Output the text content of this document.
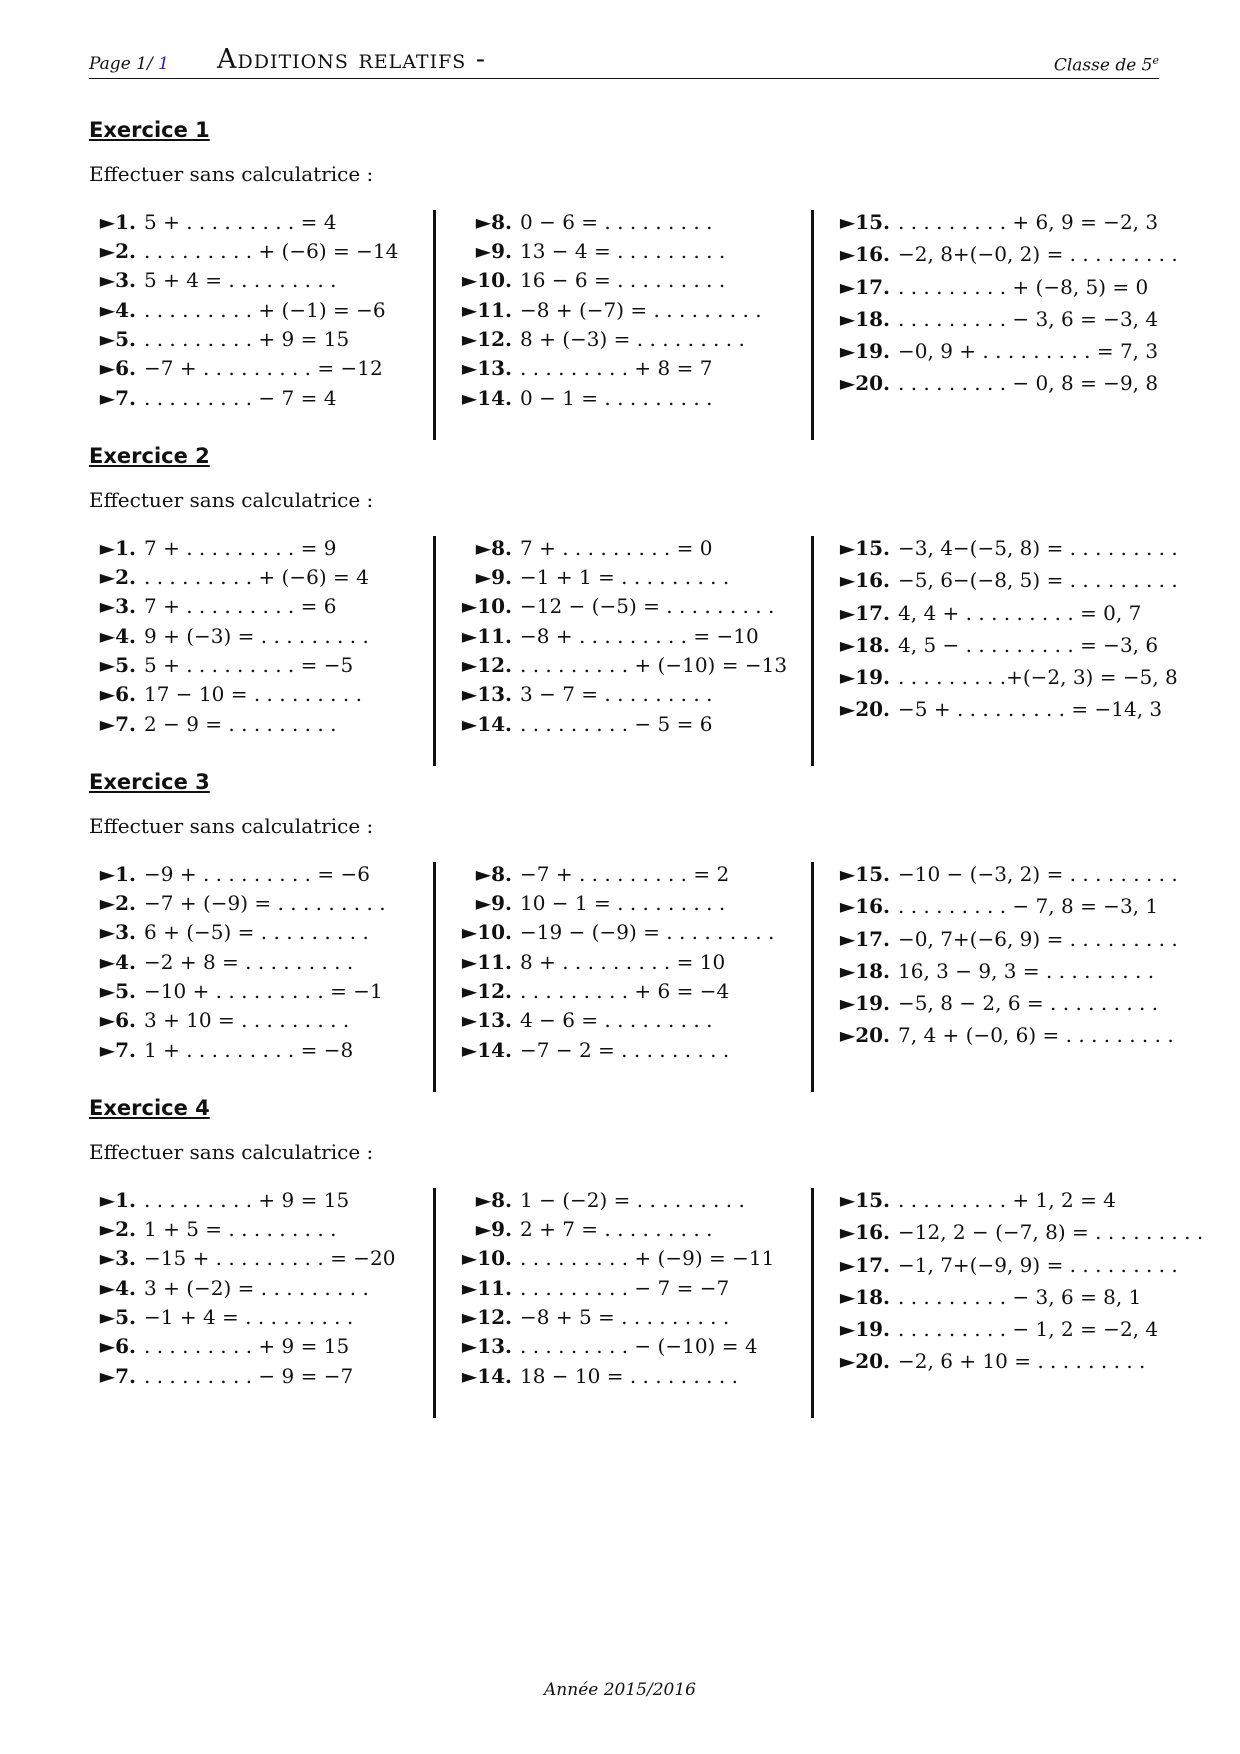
Page 1/ 1 Additions relatifs -	Classe de 5e
Exercice 1
Effectuer sans calculatrice :
►1. 5 + . . . . . . . . . = 4
►2. . . . . . . . . . + (−6) = −14
►3. 5 + 4 = . . . . . . . . .
►4. . . . . . . . . . + (−1) = −6
►5. . . . . . . . . . + 9 = 15
►6. −7 + . . . . . . . . . = −12
►7. . . . . . . . . . − 7 = 4
►8. 0 − 6 = . . . . . . . . .
►9. 13 − 4 = . . . . . . . . .
►10. 16 − 6 = . . . . . . . . .
►11. −8 + (−7) = . . . . . . . . .
►12. 8 + (−3) = . . . . . . . . .
►13. . . . . . . . . . + 8 = 7
►14. 0 − 1 = . . . . . . . . .
►15. . . . . . . . . . + 6, 9 = −2, 3
►16. −2, 8+(−0, 2) = . . . . . . . . .
►17. . . . . . . . . . + (−8, 5) = 0
►18. . . . . . . . . . − 3, 6 = −3, 4
►19. −0, 9 + . . . . . . . . . = 7, 3
►20. . . . . . . . . . − 0, 8 = −9, 8
Exercice 2
Effectuer sans calculatrice :
►1. 7 + . . . . . . . . . = 9
►2. . . . . . . . . . + (−6) = 4
►3. 7 + . . . . . . . . . = 6
►4. 9 + (−3) = . . . . . . . . .
►5. 5 + . . . . . . . . . = −5
►6. 17 − 10 = . . . . . . . . .
►7. 2 − 9 = . . . . . . . . .
►8. 7 + . . . . . . . . . = 0
►9. −1 + 1 = . . . . . . . . .
►10. −12 − (−5) = . . . . . . . . .
►11. −8 + . . . . . . . . . = −10
►12. . . . . . . . . . + (−10) = −13
►13. 3 − 7 = . . . . . . . . .
►14. . . . . . . . . . − 5 = 6
►15. −3, 4−(−5, 8) = . . . . . . . . .
►16. −5, 6−(−8, 5) = . . . . . . . . .
►17. 4, 4 + . . . . . . . . . = 0, 7
►18. 4, 5 − . . . . . . . . . = −3, 6
►19. . . . . . . . . .+(−2, 3) = −5, 8
►20. −5 + . . . . . . . . . = −14, 3
Exercice 3
Effectuer sans calculatrice :
►1. −9 + . . . . . . . . . = −6
►2. −7 + (−9) = . . . . . . . . .
►3. 6 + (−5) = . . . . . . . . .
►4. −2 + 8 = . . . . . . . . .
►5. −10 + . . . . . . . . . = −1
►6. 3 + 10 = . . . . . . . . .
►7. 1 + . . . . . . . . . = −8
►8. −7 + . . . . . . . . . = 2
►9. 10 − 1 = . . . . . . . . .
►10. −19 − (−9) = . . . . . . . . .
►11. 8 + . . . . . . . . . = 10
►12. . . . . . . . . . + 6 = −4
►13. 4 − 6 = . . . . . . . . .
►14. −7 − 2 = . . . . . . . . .
►15. −10 − (−3, 2) = . . . . . . . . .
►16. . . . . . . . . . − 7, 8 = −3, 1
►17. −0, 7+(−6, 9) = . . . . . . . . .
►18. 16, 3 − 9, 3 = . . . . . . . . .
►19. −5, 8 − 2, 6 = . . . . . . . . .
►20. 7, 4 + (−0, 6) = . . . . . . . . .
Exercice 4
Effectuer sans calculatrice :
►1. . . . . . . . . . + 9 = 15
►2. 1 + 5 = . . . . . . . . .
►3. −15 + . . . . . . . . . = −20
►4. 3 + (−2) = . . . . . . . . .
►5. −1 + 4 = . . . . . . . . .
►6. . . . . . . . . . + 9 = 15
►7. . . . . . . . . . − 9 = −7
►8. 1 − (−2) = . . . . . . . . .
►9. 2 + 7 = . . . . . . . . .
►10. . . . . . . . . . + (−9) = −11
►11. . . . . . . . . . − 7 = −7
►12. −8 + 5 = . . . . . . . . .
►13. . . . . . . . . . − (−10) = 4
►14. 18 − 10 = . . . . . . . . .
►15. . . . . . . . . . + 1, 2 = 4
►16. −12, 2 − (−7, 8) = . . . . . . . . .
►17. −1, 7+(−9, 9) = . . . . . . . . .
►18. . . . . . . . . . − 3, 6 = 8, 1
►19. . . . . . . . . . − 1, 2 = −2, 4
►20. −2, 6 + 10 = . . . . . . . . .
Année 2015/2016
